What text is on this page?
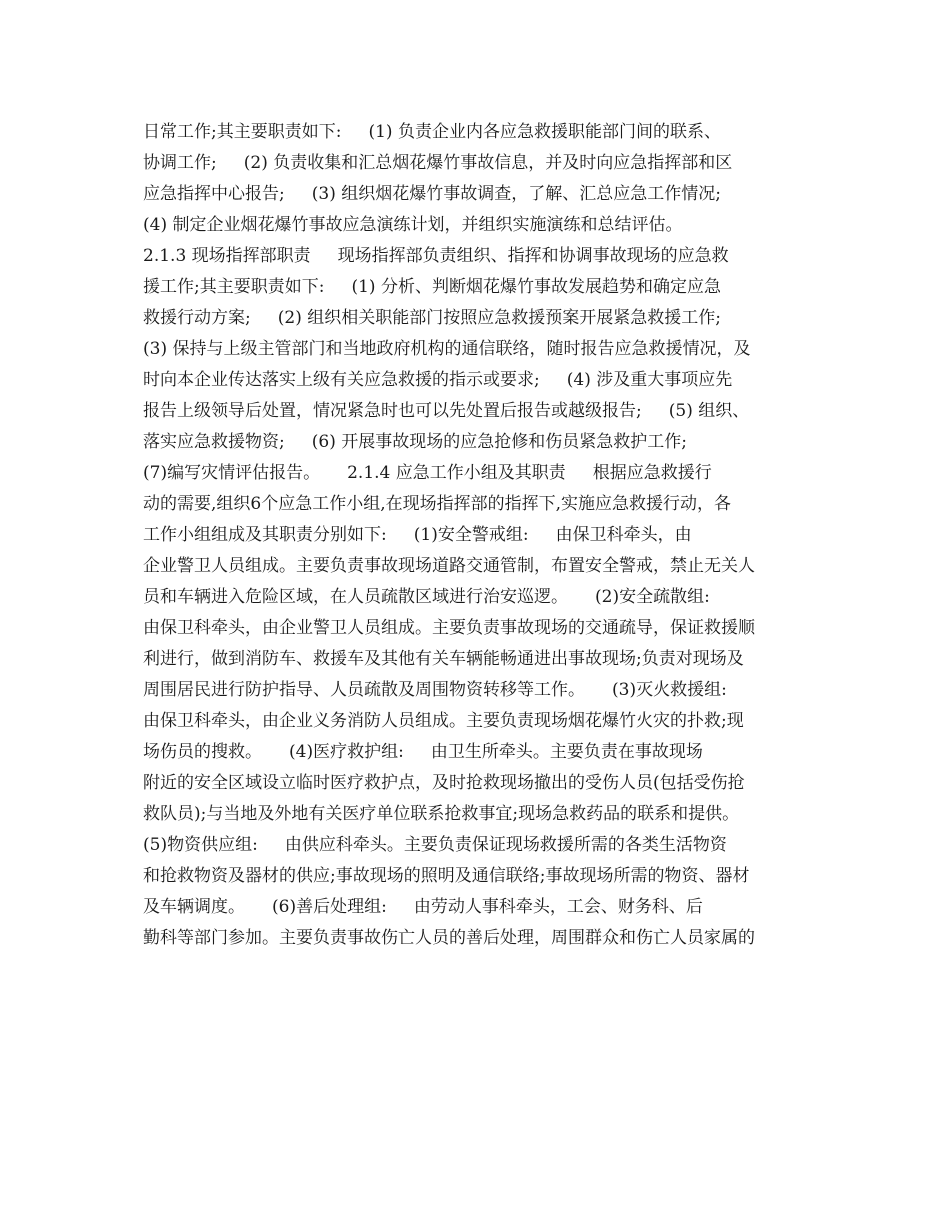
日常工作;其主要职责如下:     (1) 负责企业内各应急救援职能部门间的联系、
协调工作;     (2) 负责收集和汇总烟花爆竹事故信息，并及时向应急指挥部和区
应急指挥中心报告;     (3) 组织烟花爆竹事故调查，了解、汇总应急工作情况;
(4) 制定企业烟花爆竹事故应急演练计划，并组织实施演练和总结评估。
2.1.3 现场指挥部职责     现场指挥部负责组织、指挥和协调事故现场的应急救
援工作;其主要职责如下:     (1) 分析、判断烟花爆竹事故发展趋势和确定应急
救援行动方案;     (2) 组织相关职能部门按照应急救援预案开展紧急救援工作;
(3) 保持与上级主管部门和当地政府机构的通信联络，随时报告应急救援情况，及
时向本企业传达落实上级有关应急救援的指示或要求;     (4) 涉及重大事项应先
报告上级领导后处置，情况紧急时也可以先处置后报告或越级报告;     (5) 组织、
落实应急救援物资;     (6) 开展事故现场的应急抢修和伤员紧急救护工作;
(7)编写灾情评估报告。     2.1.4 应急工作小组及其职责     根据应急救援行
动的需要,组织6个应急工作小组,在现场指挥部的指挥下,实施应急救援行动，各
工作小组组成及其职责分别如下:     (1)安全警戒组:     由保卫科牵头，由
企业警卫人员组成。主要负责事故现场道路交通管制，布置安全警戒，禁止无关人
员和车辆进入危险区域，在人员疏散区域进行治安巡逻。     (2)安全疏散组:
由保卫科牵头，由企业警卫人员组成。主要负责事故现场的交通疏导，保证救援顺
利进行，做到消防车、救援车及其他有关车辆能畅通进出事故现场;负责对现场及
周围居民进行防护指导、人员疏散及周围物资转移等工作。     (3)灭火救援组:
由保卫科牵头，由企业义务消防人员组成。主要负责现场烟花爆竹火灾的扑救;现
场伤员的搜救。     (4)医疗救护组:     由卫生所牵头。主要负责在事故现场
附近的安全区域设立临时医疗救护点，及时抢救现场撤出的受伤人员(包括受伤抢
救队员);与当地及外地有关医疗单位联系抢救事宜;现场急救药品的联系和提供。
(5)物资供应组:     由供应科牵头。主要负责保证现场救援所需的各类生活物资
和抢救物资及器材的供应;事故现场的照明及通信联络;事故现场所需的物资、器材
及车辆调度。     (6)善后处理组:     由劳动人事科牵头，工会、财务科、后
勤科等部门参加。主要负责事故伤亡人员的善后处理，周围群众和伤亡人员家属的
